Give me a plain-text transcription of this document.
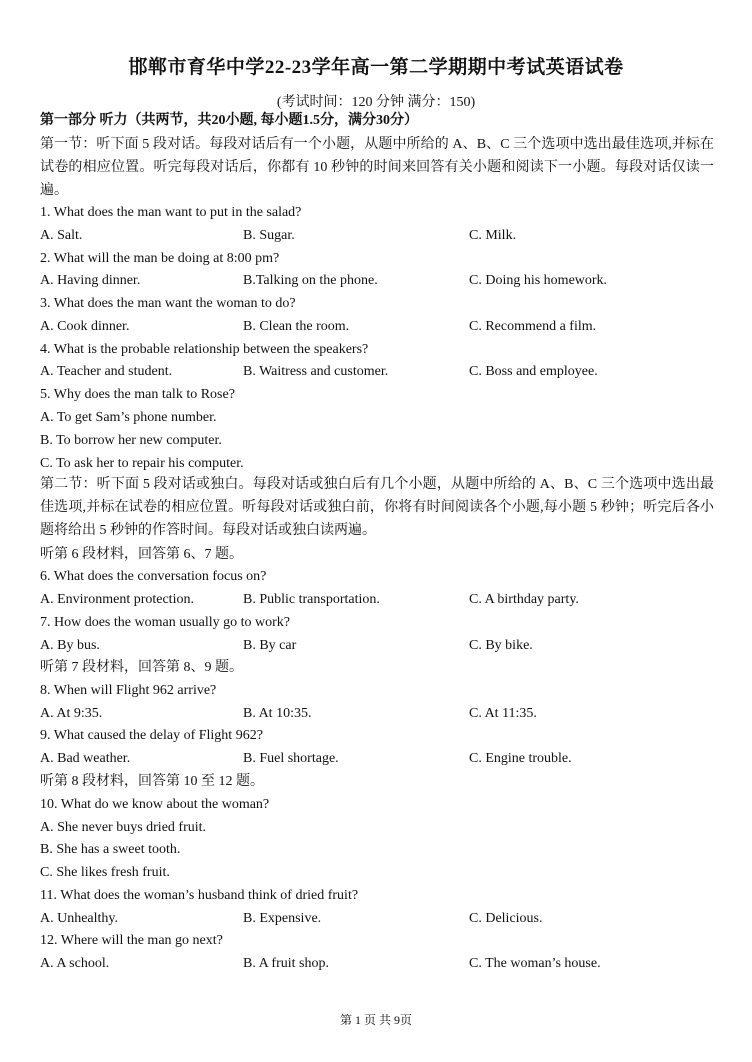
邯郸市育华中学22-23学年高一第二学期期中考试英语试卷
(考试时间：120 分钟 满分：150)
第一部分 听力（共两节，共20小题, 每小题1.5分，满分30分）
第一节：听下面 5 段对话。每段对话后有一个小题，从题中所给的 A、B、C 三个选项中选出最佳选项,并标在试卷的相应位置。听完每段对话后，你都有 10 秒钟的时间来回答有关小题和阅读下一小题。每段对话仅读一遍。
1. What does the man want to put in the salad?
A. Salt.	B. Sugar.	C. Milk.
2. What will the man be doing at 8:00 pm?
A. Having dinner.	B.Talking on the phone.	C. Doing his homework.
3. What does the man want the woman to do?
A. Cook dinner.	B. Clean the room.	C. Recommend a film.
4. What is the probable relationship between the speakers?
A. Teacher and student.	B. Waitress and customer.	C. Boss and employee.
5. Why does the man talk to Rose?
A. To get Sam’s phone number.
B. To borrow her new computer.
C. To ask her to repair his computer.
第二节：听下面 5 段对话或独白。每段对话或独白后有几个小题，从题中所给的 A、B、C 三个选项中选出最佳选项,并标在试卷的相应位置。听每段对话或独白前，你将有时间阅读各个小题,每小题 5 秒钟；听完后各小题将给出 5 秒钟的作答时间。每段对话或独白读两遍。
听第 6 段材料，回答第 6、7 题。
6. What does the conversation focus on?
A. Environment protection.	B. Public transportation.	C. A birthday party.
7. How does the woman usually go to work?
A. By bus.	B. By car	C. By bike.
听第 7 段材料，回答第 8、9 题。
8. When will Flight 962 arrive?
A. At 9:35.	B. At 10:35.	C. At 11:35.
9. What caused the delay of Flight 962?
A. Bad weather.	B. Fuel shortage.	C. Engine trouble.
听第 8 段材料，回答第 10 至 12 题。
10. What do we know about the woman?
A. She never buys dried fruit.
B. She has a sweet tooth.
C. She likes fresh fruit.
11. What does the woman’s husband think of dried fruit?
A. Unhealthy.	B. Expensive.	C. Delicious.
12. Where will the man go next?
A. A school.	B. A fruit shop.	C. The woman’s house.
第 1 页 共 9页
